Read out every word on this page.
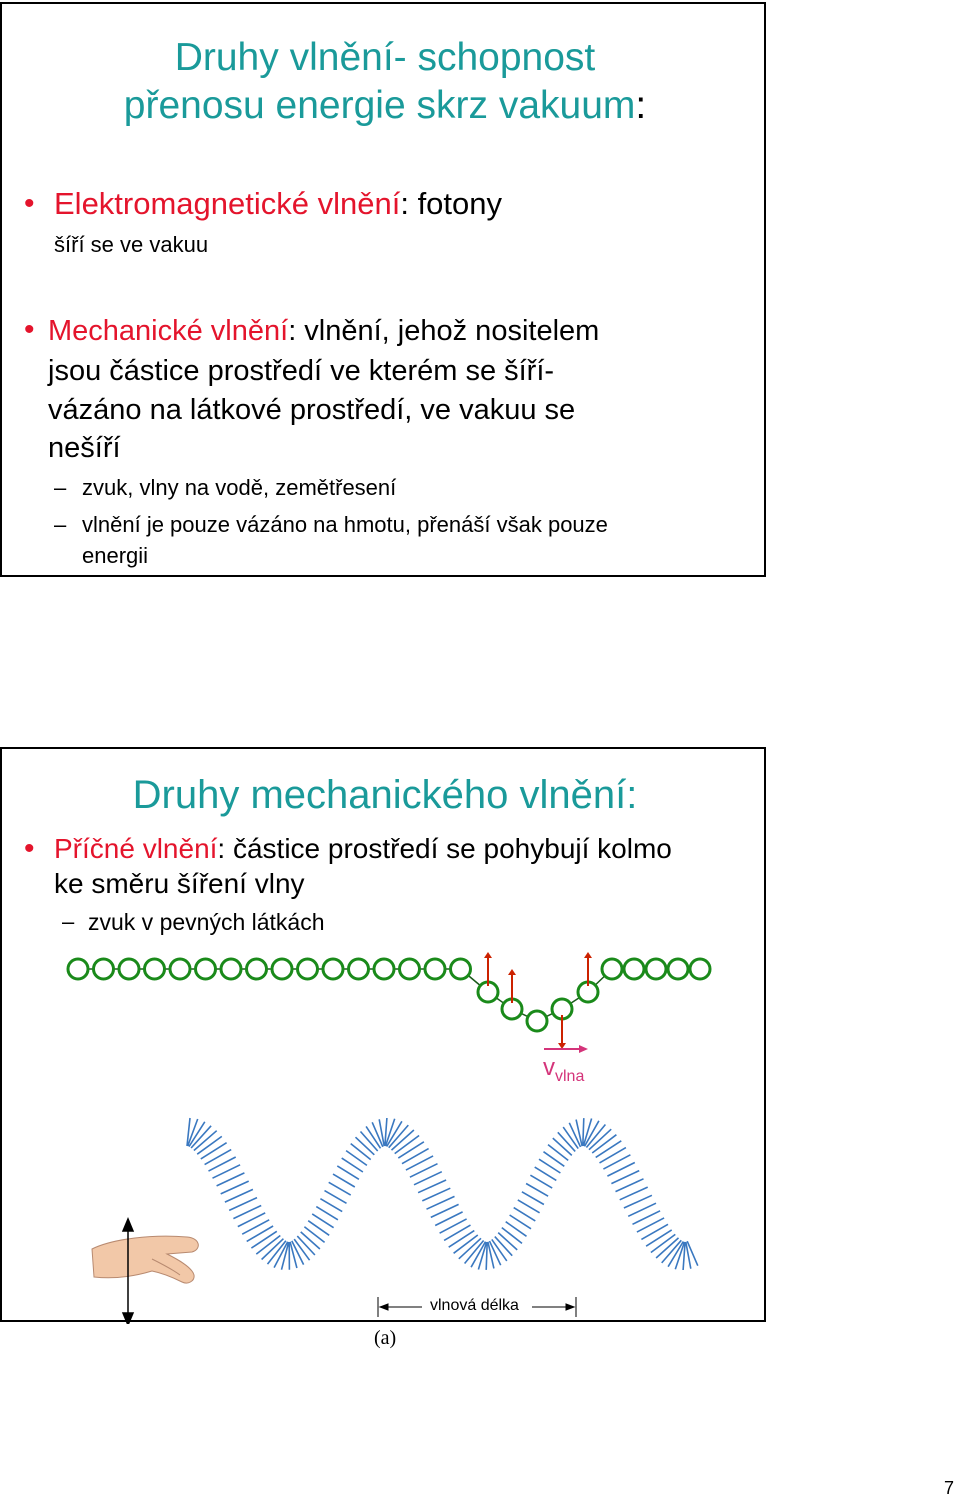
Druhy vlnění- schopnost
přenosu energie skrz vakuum:
• Elektromagnetické vlnění: fotony
šíří se ve vakuu
• Mechanické vlnění: vlnění, jehož nositelem
jsou částice prostředí ve kterém se šíří-
vázáno na látkové prostředí, ve vakuu se
nešíří
– zvuk, vlny na vodě, zemětřesení
– vlnění je pouze vázáno na hmotu, přenáší však pouze
energii
Druhy mechanického vlnění:
• Příčné vlnění: částice prostředí se pohybují kolmo
ke směru šíření vlny
– zvuk v pevných látkách
$v_{vlna}$
vlnová délka
(a)
7
